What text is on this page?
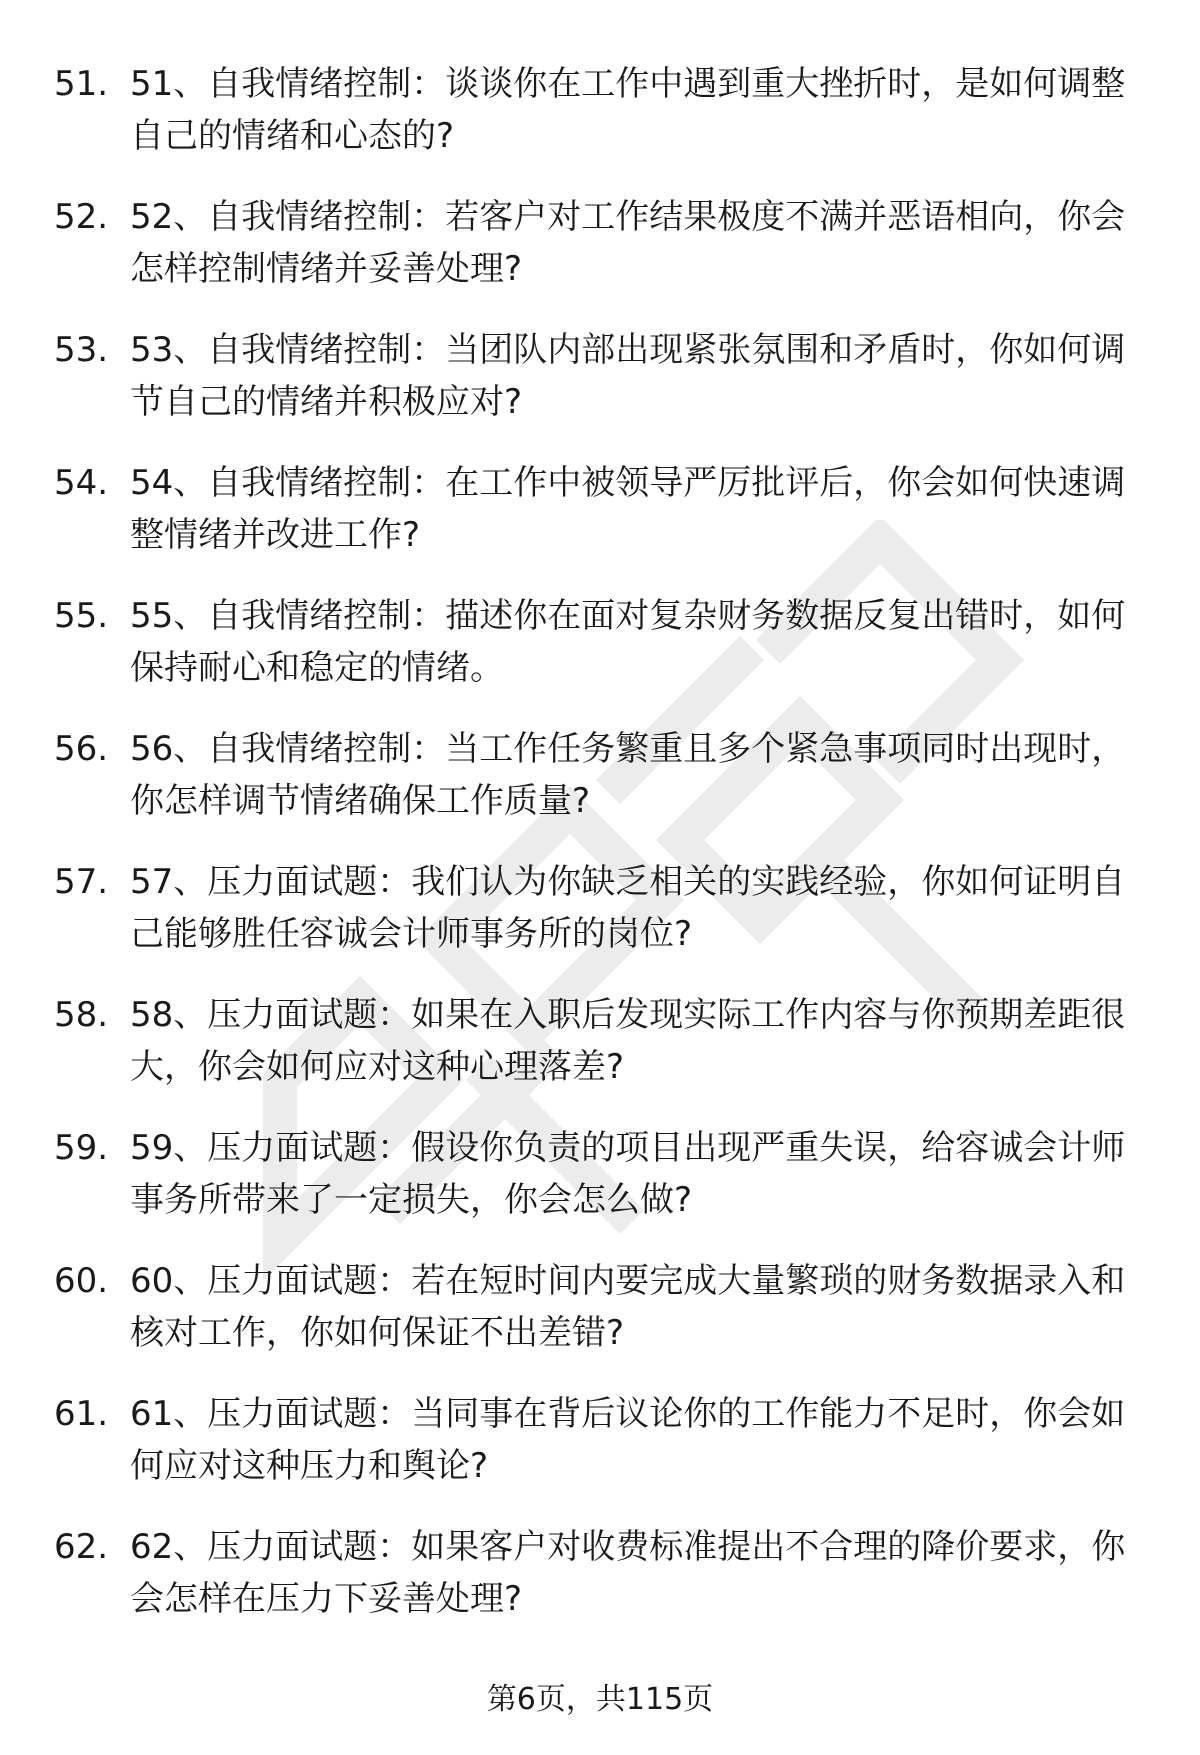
51. 51、自我情绪控制：谈谈你在工作中遇到重大挫折时，是如何调整自己的情绪和心态的?
52. 52、自我情绪控制：若客户对工作结果极度不满并恶语相向，你会怎样控制情绪并妥善处理?
53. 53、自我情绪控制：当团队内部出现紧张氛围和矛盾时，你如何调节自己的情绪并积极应对?
54. 54、自我情绪控制：在工作中被领导严厉批评后，你会如何快速调整情绪并改进工作?
55. 55、自我情绪控制：描述你在面对复杂财务数据反复出错时，如何保持耐心和稳定的情绪。
56. 56、自我情绪控制：当工作任务繁重且多个紧急事项同时出现时，你怎样调节情绪确保工作质量?
57. 57、压力面试题：我们认为你缺乏相关的实践经验，你如何证明自己能够胜任容诚会计师事务所的岗位?
58. 58、压力面试题：如果在入职后发现实际工作内容与你预期差距很大，你会如何应对这种心理落差?
59. 59、压力面试题：假设你负责的项目出现严重失误，给容诚会计师事务所带来了一定损失，你会怎么做?
60. 60、压力面试题：若在短时间内要完成大量繁琐的财务数据录入和核对工作，你如何保证不出差错?
61. 61、压力面试题：当同事在背后议论你的工作能力不足时，你会如何应对这种压力和舆论?
62. 62、压力面试题：如果客户对收费标准提出不合理的降价要求，你会怎样在压力下妥善处理?
第6页，共115页
